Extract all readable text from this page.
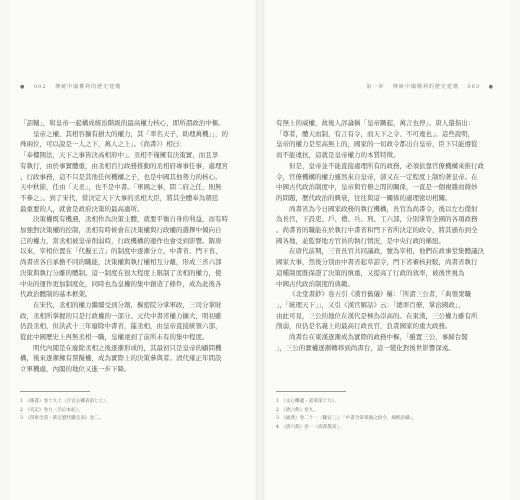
● 002 傳統中國權利的歷史建構

「詔輔」，和皇帝一起構成統治階級的最高權力核心，即所謂政治中樞。

皇帝之權，其相容擴有損大的權力，其「率名天子，助理萬機」」，的

珠兩位，可以說是一人之下，萬人之上」。《尚書》）相曰：

「奉樓開法，天下之事皆決高相府中」。丞相不僅擁有決策實，而且享

有執行，由於事實體重，由丞相百行政務推動的丞相府專事任事，處理宮

、行政事務，這不只是其他任何機構之子，也是中國其他勢力的核心。

天中秋節，任由「天丞」，也不是中書。「軍國之事，問二府之任，則無

不參之」。到了宋代，當決定天下大事的丞相大臣，將其全體奉為朝廷

最重要的人，就會是政府決策的最高處所。

決策權既有機遇，丞相作為決策主體，就要平衡自身的利益，而有時

加強對決策權的控制，丞相有時候會在決策權與行政權的選擇中傾向自

己的權力，當丞相被皇帝削弱時，行政機構的運作也會受到影響。隋唐

以來，宰相位置在「代擬王言」的制度中逐漸分立，中書省、門下省、

尚書省各自承擔不同的職能，決策權與執行權相互分離，形成三省六部

決策與執行分離的體制。這一制度在很大程度上限制了丞相的權力，使

中央的運作更加制度化，同時也為皇權的集中創造了條件，成為此後各

代政治體制的基本框架。

在宋代，丞相的權力繼續受到分割，樞密院分掌軍政，三司分掌財

政，丞相所掌握的只是行政權的一部分。元代中書省權力擴大，明初雖

仍設丞相，但洪武十三年廢除中書省，罷丞相，由皇帝直接統領六部，

從此中國歷史上再無丞相一職，皇權達到了前所未有的集中程度。

明代內閣是在廢除丞相之後逐漸形成的，其最初只是皇帝的顧問機

構，後來逐漸擁有票擬權，成為實際上的決策參與者。清代雍正年間設

立軍機處，內閣的地位又進一步下降。

1　《漢書》卷十九上〈百官公卿表第七上〉。
2　《史記》卷九〈呂后本紀〉。
3　《四庫全書・欽定歷代職官表》卷二。
第一章 傳統中國權利的歷史建構 003 ●

有無上的威權，故後人評論稱「皇帝蹶起，萬言也停」。唐人還指出：

「尊者，體天而制，有言有令，而天下之令、不可違也」。這些說明，

皇帝的權力是至高無上的，國家的一切政令都出自皇帝，臣下只能遵從

而不能違抗，這就是皇帝權力的本質特徵。

但是，皇帝並不能直接處理所有的政務，必須依靠官僚機構來推行政

令，官僚機構的權力雖然來自皇帝，卻又在一定程度上制約著皇帝。在

中國古代政治制度中，皇帝與官僚之間的關係，一直是一個複雜而微妙

的問題，歷代政治的興衰，往往與這一關係的處理密切相關。

尚書省為今日國家政務的執行機構，長官為尚書令，後以左右僕射

為長官，下設吏、戶、禮、兵、刑、工六部，分別掌管全國的各項政務

。尚書省的職能在於執行中書省和門下省所決定的政令，將其頒布到全

國各地，並監督地方官員的執行情況，是中央行政的樞紐。

在唐代前期，三省長官共同議政，號為宰相，他們在政事堂集體議決

國家大事，然後分別由中書省起草詔令，門下省審核封駁，尚書省執行

這種制度既保證了決策的慎重，又提高了行政的效率，被後世視為

中國古代政治制度的典範。

《北堂書鈔》卷五引《漢官舊儀》稱：「所謂三公者，「典領衆職

」，「統理天下」」，又引《漢官解詁》云：「總率百僚，掌治國政」，

由此可見，三公的地位在漢代是極為崇高的。在東漢，三公權力雖有所

削弱，但仍是名義上的最高行政長官，負責國家的重大政務。

尚書台在東漢逐漸成為實際的政務中樞，「雖置三公，事歸台閣

」，三公的實權逐漸轉移到尚書台，這一變化對後世影響深遠。

1　《文心雕龍・詔策第十九》。
2　《唐六典》卷九。
3　《通典》卷二十一〈職官三〉：「中書令掌軍國之政令，緝熙帝載」。
4　《唐六典》卷一〈尚書都省〉。
